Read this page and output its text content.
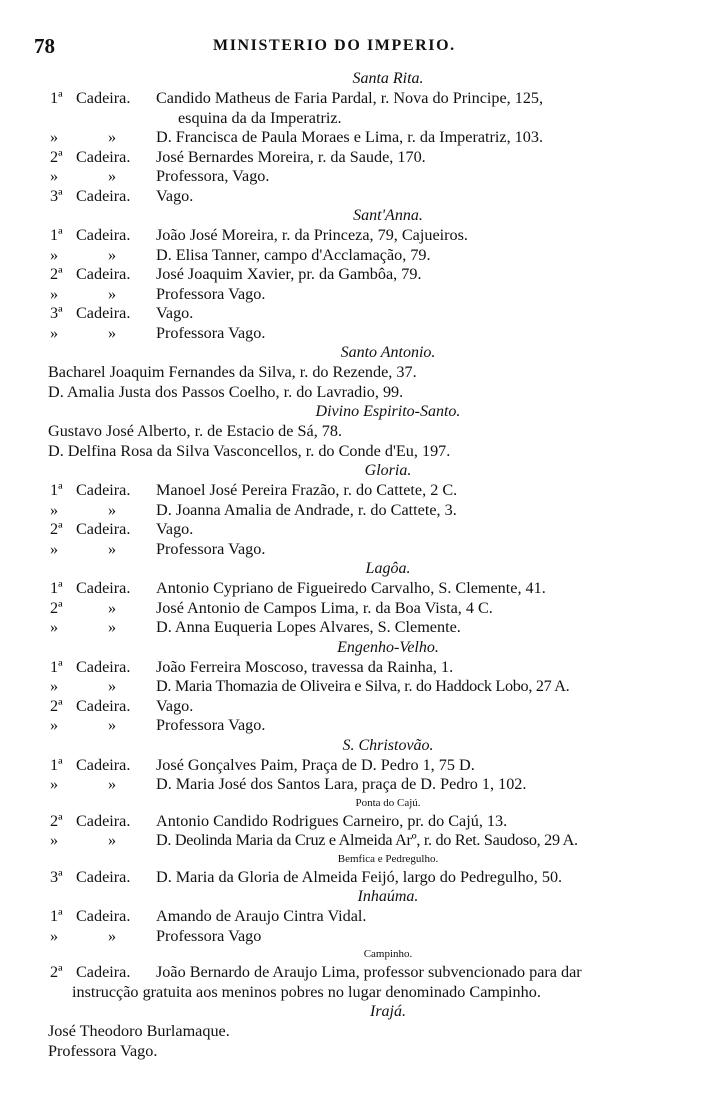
78	MINISTERIO DO IMPERIO.
Santa Rita.
1ª Cadeira. Candido Matheus de Faria Pardal, r. Nova do Principe, 125,
esquina da da Imperatriz.
»	» D. Francisca de Paula Moraes e Lima, r. da Imperatriz, 103.
2ª Cadeira. José Bernardes Moreira, r. da Saude, 170.
»	» Professora, Vago.
3ª Cadeira. Vago.
Sant'Anna.
1ª Cadeira. João José Moreira, r. da Princeza, 79, Cajueiros.
»	» D. Elisa Tanner, campo d'Acclamação, 79.
2ª Cadeira. José Joaquim Xavier, pr. da Gambôa, 79.
»	» Professora Vago.
3ª Cadeira. Vago.
»	» Professora Vago.
Santo Antonio.
Bacharel Joaquim Fernandes da Silva, r. do Rezende, 37.
D. Amalia Justa dos Passos Coelho, r. do Lavradio, 99.
Divino Espirito-Santo.
Gustavo José Alberto, r. de Estacio de Sá, 78.
D. Delfina Rosa da Silva Vasconcellos, r. do Conde d'Eu, 197.
Gloria.
1ª Cadeira. Manoel José Pereira Frazão, r. do Cattete, 2 C.
»	» D. Joanna Amalia de Andrade, r. do Cattete, 3.
2ª Cadeira. Vago.
»	» Professora Vago.
Lagôa.
1ª Cadeira. Antonio Cypriano de Figueiredo Carvalho, S. Clemente, 41.
2ª	» José Antonio de Campos Lima, r. da Boa Vista, 4 C.
»	» D. Anna Euqueria Lopes Alvares, S. Clemente.
Engenho-Velho.
1ª Cadeira. João Ferreira Moscoso, travessa da Rainha, 1.
»	» D. Maria Thomazia de Oliveira e Silva, r. do Haddock Lobo, 27 A.
2ª Cadeira. Vago.
»	» Professora Vago.
S. Christovão.
1ª Cadeira. José Gonçalves Paim, Praça de D. Pedro 1, 75 D.
»	» D. Maria José dos Santos Lara, praça de D. Pedro 1, 102.
Ponta do Cajú.
2ª Cadeira. Antonio Candido Rodrigues Carneiro, pr. do Cajú, 13.
»	» D. Deolinda Maria da Cruz e Almeida Arº, r. do Ret. Saudoso, 29 A.
Bemfica e Pedregulho.
3ª Cadeira. D. Maria da Gloria de Almeida Feijó, largo do Pedregulho, 50.
Inhaúma.
1ª Cadeira. Amando de Araujo Cintra Vidal.
»	» Professora Vago
Campinho.
2ª Cadeira. João Bernardo de Araujo Lima, professor subvencionado para dar
instrucção gratuita aos meninos pobres no lugar denominado Campinho.
Irajá.
José Theodoro Burlamaque.
Professora Vago.
